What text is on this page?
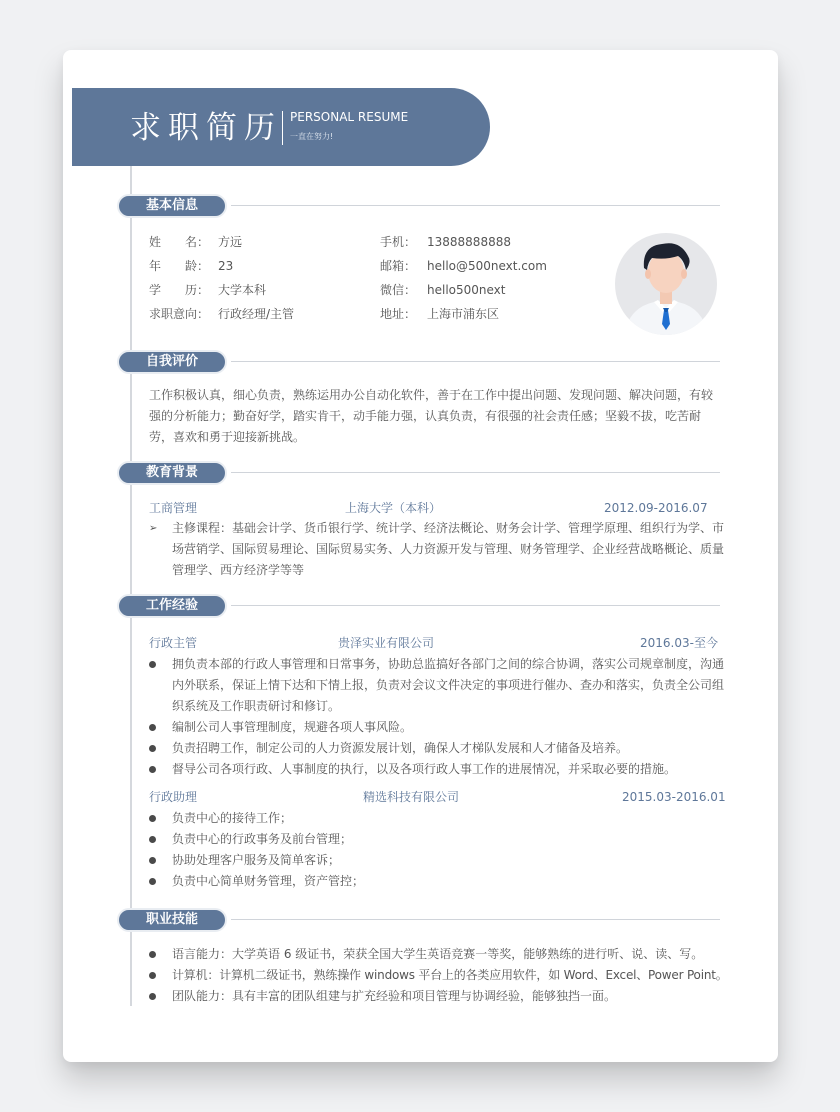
求职简历 PERSONAL RESUME
一直在努力!
基本信息
姓　　名： 方远
年　　龄： 23
学　　历： 大学本科
求职意向： 行政经理/主管
手机： 13888888888
邮箱： hello@500next.com
微信： hello500next
地址： 上海市浦东区
自我评价
工作积极认真，细心负责，熟练运用办公自动化软件，善于在工作中提出问题、发现问题、解决问题，有较强的分析能力；勤奋好学，踏实肯干，动手能力强，认真负责，有很强的社会责任感；坚毅不拔，吃苦耐劳，喜欢和勇于迎接新挑战。
教育背景
工商管理	上海大学（本科）	2012.09-2016.07
➢ 主修课程：基础会计学、货币银行学、统计学、经济法概论、财务会计学、管理学原理、组织行为学、市场营销学、国际贸易理论、国际贸易实务、人力资源开发与管理、财务管理学、企业经营战略概论、质量管理学、西方经济学等等
工作经验
行政主管	贵泽实业有限公司	2016.03-至今
拥负责本部的行政人事管理和日常事务，协助总监搞好各部门之间的综合协调，落实公司规章制度，沟通内外联系，保证上情下达和下情上报，负责对会议文件决定的事项进行催办、查办和落实，负责全公司组织系统及工作职责研讨和修订。
编制公司人事管理制度，规避各项人事风险。
负责招聘工作，制定公司的人力资源发展计划，确保人才梯队发展和人才储备及培养。
督导公司各项行政、人事制度的执行，以及各项行政人事工作的进展情况，并采取必要的措施。
行政助理	精选科技有限公司	2015.03-2016.01
负责中心的接待工作；
负责中心的行政事务及前台管理；
协助处理客户服务及简单客诉；
负责中心简单财务管理，资产管控；
职业技能
语言能力：大学英语 6 级证书，荣获全国大学生英语竞赛一等奖，能够熟练的进行听、说、读、写。
计算机：计算机二级证书，熟练操作 windows 平台上的各类应用软件，如 Word、Excel、Power Point。
团队能力：具有丰富的团队组建与扩充经验和项目管理与协调经验，能够独挡一面。
